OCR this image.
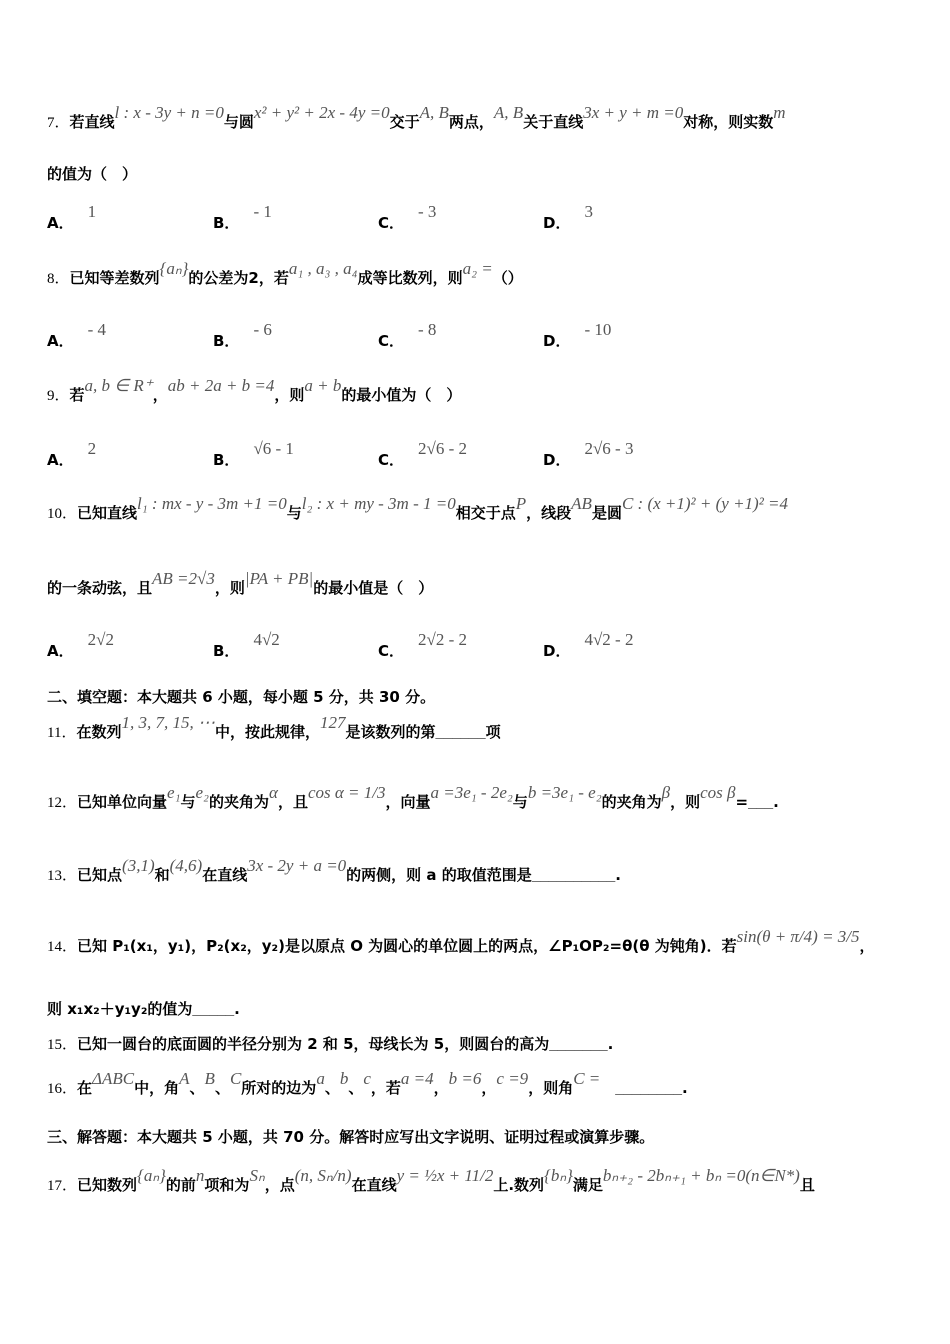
7．若直线l : x - 3y + n =0与圆x² + y² + 2x - 4y =0交于A, B两点，A, B关于直线3x + y + m =0对称，则实数m
的值为（　）
8．已知等差数列{aₙ}的公差为2，若a₁ , a₃ , a₄成等比数列，则a₂ =（）
9．若a, b ∈ R⁺，ab + 2a + b =4，则a + b的最小值为（　）
10．已知直线l₁ : mx - y - 3m +1 =0与l₂ : x + my - 3m - 1 =0相交于点P，线段AB是圆C : (x +1)² + (y +1)² =4
的一条动弦，且AB =2√3，则|PA + PB|的最小值是（　）
二、填空题：本大题共 6 小题，每小题 5 分，共 30 分。
11．在数列1, 3, 7, 15, ⋯中，按此规律，127是该数列的第______项
12．已知单位向量e₁与e₂的夹角为α，且cos α = 1/3，向量a =3e₁ - 2e₂与b =3e₁ - e₂的夹角为β，则cos β=___.
13．已知点(3,1)和(4,6)在直线3x - 2y + a =0的两侧，则 a 的取值范围是__________.
14．已知 P₁(x₁，y₁)，P₂(x₂，y₂)是以原点 O 为圆心的单位圆上的两点，∠P₁OP₂=θ(θ 为钝角)．若sin(θ + π/4) = 3/5，
则 x₁x₂＋y₁y₂的值为_____.
15．已知一圆台的底面圆的半径分别为 2 和 5，母线长为 5，则圆台的高为_______.
16．在ΔABC中，角A、B、C所对的边为a、b、c，若a =4，b =6，c =9，则角C =　________.
三、解答题：本大题共 5 小题，共 70 分。解答时应写出文字说明、证明过程或演算步骤。
17．已知数列{aₙ}的前n项和为Sₙ，点(n, Sₙ/n)在直线y = ½x + 11/2上.数列{bₙ}满足bₙ₊₂ - 2bₙ₊₁ + bₙ =0(n∈N*)且
A．1
B．- 1
C．- 3
D．3
A．- 4
B．- 6
C．- 8
D．- 10
A．2
B．√6 - 1
C．2√6 - 2
D．2√6 - 3
A．2√2
B．4√2
C．2√2 - 2
D．4√2 - 2
